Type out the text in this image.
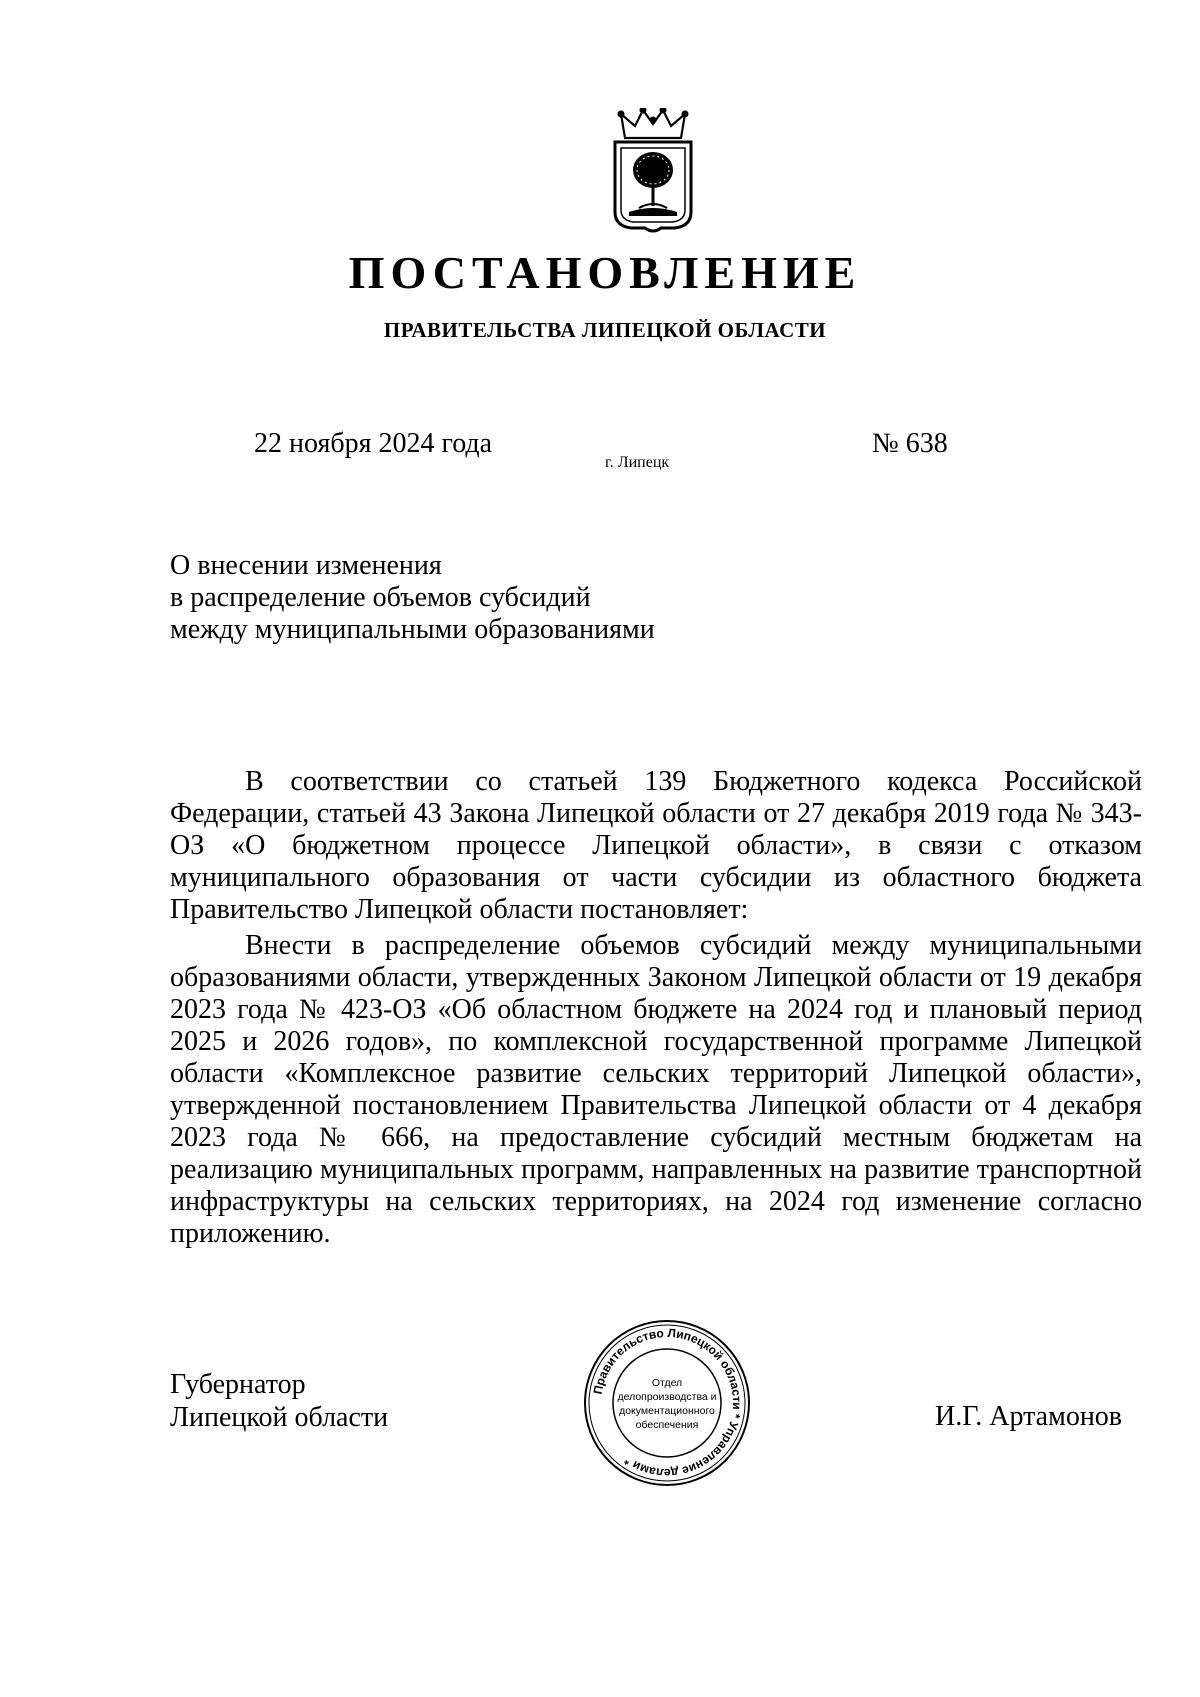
ПОСТАНОВЛЕНИЕ
ПРАВИТЕЛЬСТВА ЛИПЕЦКОЙ ОБЛАСТИ
22 ноября 2024 года
г. Липецк
№ 638
О внесении изменения
в распределение объемов субсидий
между муниципальными образованиями

В соответствии со статьей 139 Бюджетного кодекса Российской Федерации, статьей 43 Закона Липецкой области от 27 декабря 2019 года № 343-ОЗ «О бюджетном процессе Липецкой области», в связи с отказом муниципального образования от части субсидии из областного бюджета Правительство Липецкой области постановляет:

Внести в распределение объемов субсидий между муниципальными образованиями области, утвержденных Законом Липецкой области от 19 декабря 2023 года № 423-ОЗ «Об областном бюджете на 2024 год и плановый период 2025 и 2026 годов», по комплексной государственной программе Липецкой области «Комплексное развитие сельских территорий Липецкой области», утвержденной постановлением Правительства Липецкой области от 4 декабря 2023 года № 666, на предоставление субсидий местным бюджетам на реализацию муниципальных программ, направленных на развитие транспортной инфраструктуры на сельских территориях, на 2024 год изменение согласно приложению.

Губернатор
Липецкой области	И.Г. Артамонов
Правительство Липецкой области * Управление делами *
Отдел
делопроизводства и
документационного
обеспечения
